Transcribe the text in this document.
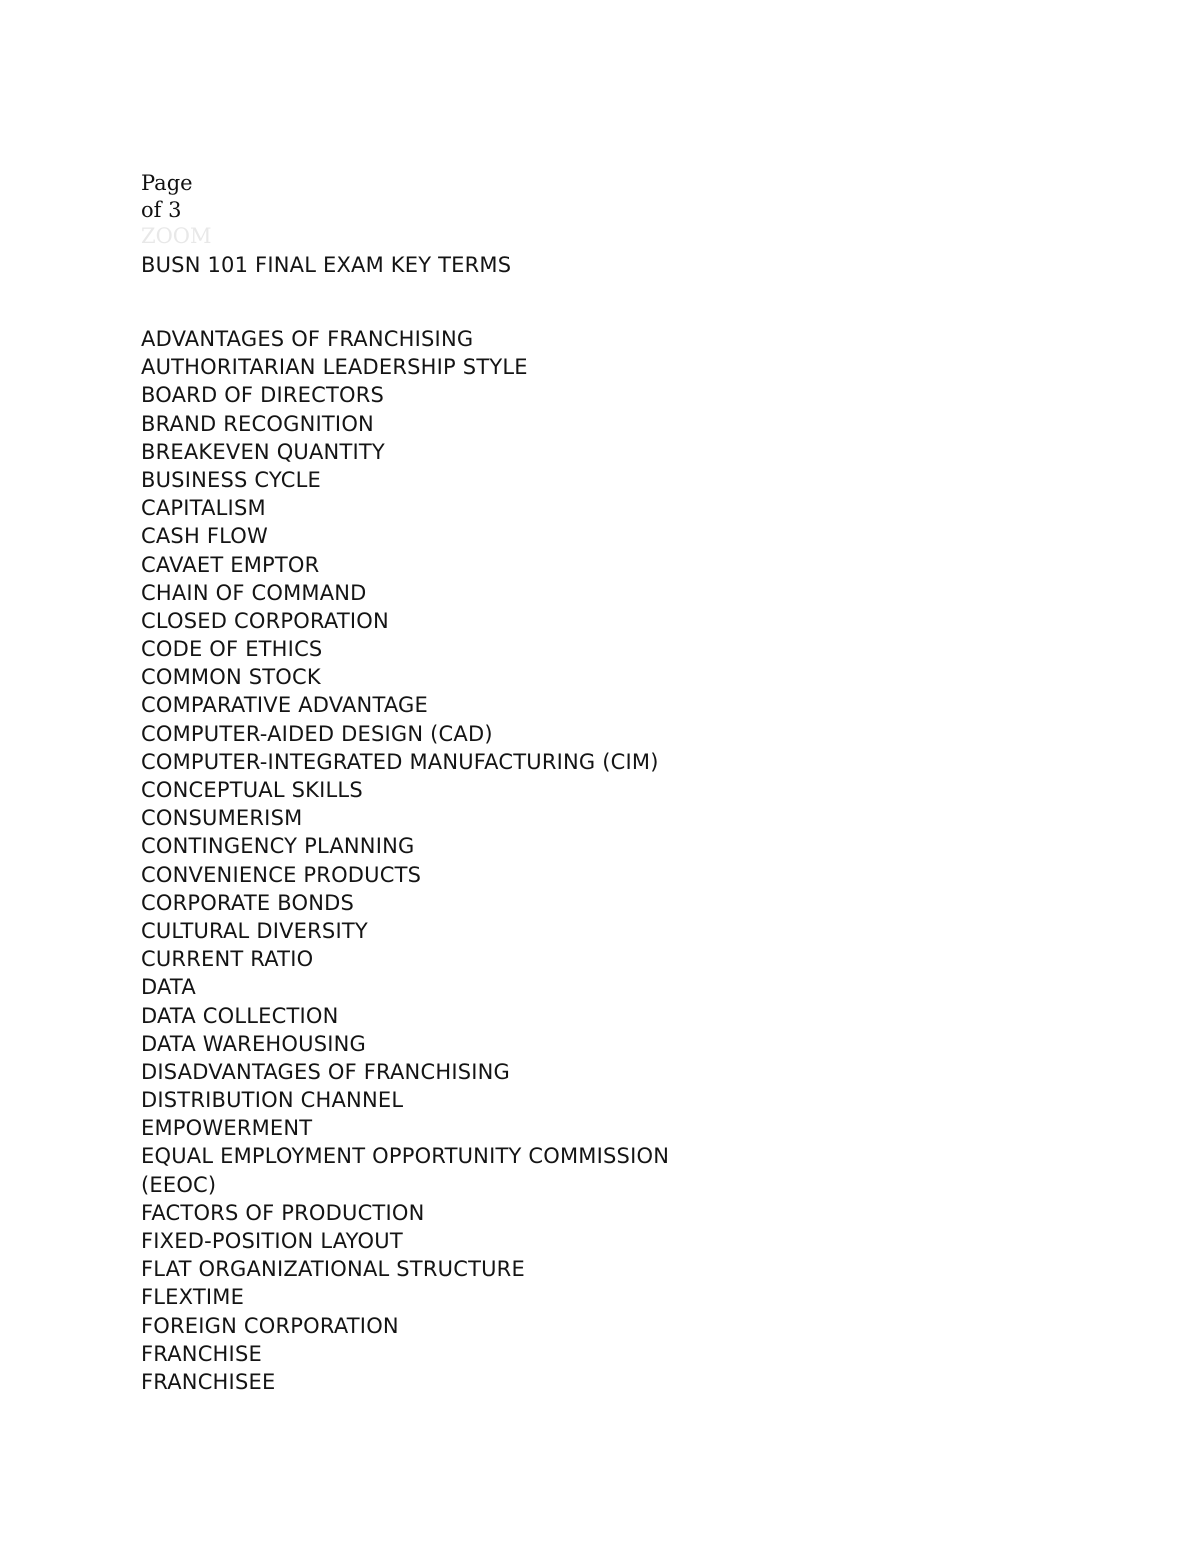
Page
of 3
ZOOM
BUSN 101 FINAL EXAM KEY TERMS
ADVANTAGES OF FRANCHISING
AUTHORITARIAN LEADERSHIP STYLE
BOARD OF DIRECTORS
BRAND RECOGNITION
BREAKEVEN QUANTITY
BUSINESS CYCLE
CAPITALISM
CASH FLOW
CAVAET EMPTOR
CHAIN OF COMMAND
CLOSED CORPORATION
CODE OF ETHICS
COMMON STOCK
COMPARATIVE ADVANTAGE
COMPUTER-AIDED DESIGN (CAD)
COMPUTER-INTEGRATED MANUFACTURING (CIM)
CONCEPTUAL SKILLS
CONSUMERISM
CONTINGENCY PLANNING
CONVENIENCE PRODUCTS
CORPORATE BONDS
CULTURAL DIVERSITY
CURRENT RATIO
DATA
DATA COLLECTION
DATA WAREHOUSING
DISADVANTAGES OF FRANCHISING
DISTRIBUTION CHANNEL
EMPOWERMENT
EQUAL EMPLOYMENT OPPORTUNITY COMMISSION
(EEOC)
FACTORS OF PRODUCTION
FIXED-POSITION LAYOUT
FLAT ORGANIZATIONAL STRUCTURE
FLEXTIME
FOREIGN CORPORATION
FRANCHISE
FRANCHISEE
